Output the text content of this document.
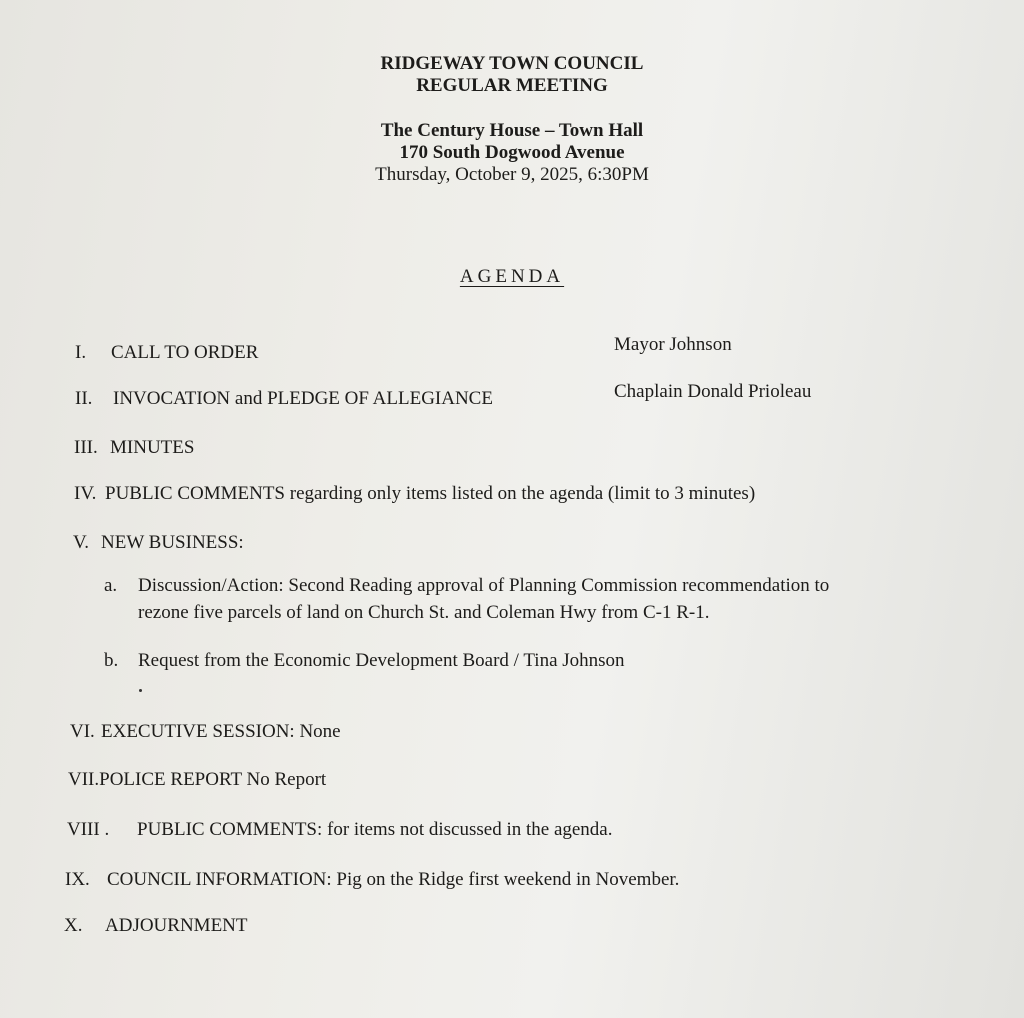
RIDGEWAY TOWN COUNCIL
REGULAR MEETING
The Century House – Town Hall
170 South Dogwood Avenue
Thursday, October 9, 2025, 6:30PM
AGENDA
I. CALL TO ORDER	Mayor Johnson
II. INVOCATION and PLEDGE OF ALLEGIANCE	Chaplain Donald Prioleau
III. MINUTES
IV. PUBLIC COMMENTS regarding only items listed on the agenda (limit to 3 minutes)
V. NEW BUSINESS:
a. Discussion/Action: Second Reading approval of Planning Commission recommendation to
rezone five parcels of land on Church St. and Coleman Hwy from C-1 R-1.
b. Request from the Economic Development Board / Tina Johnson
VI. EXECUTIVE SESSION: None
VII.POLICE REPORT No Report
VIII . PUBLIC COMMENTS: for items not discussed in the agenda.
IX. COUNCIL INFORMATION: Pig on the Ridge first weekend in November.
X. ADJOURNMENT
